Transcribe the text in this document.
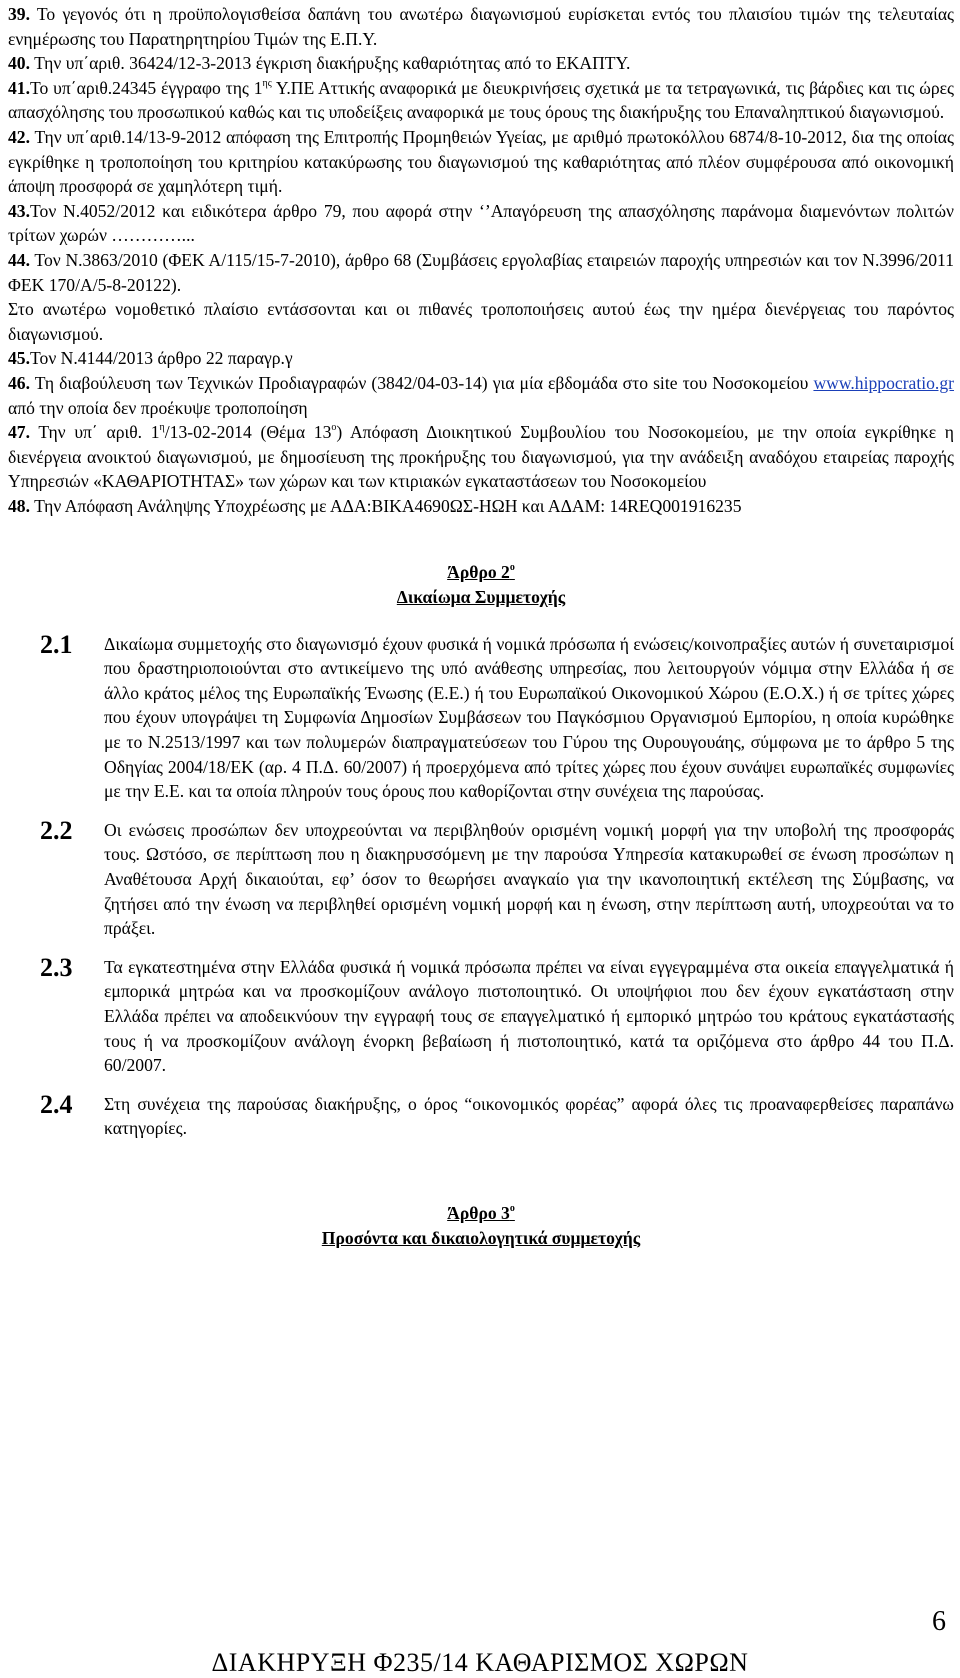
39. Το γεγονός ότι η προϋπολογισθείσα δαπάνη του ανωτέρω διαγωνισμού ευρίσκεται εντός του πλαισίου τιμών της τελευταίας ενημέρωσης του Παρατηρητηρίου Τιμών της Ε.Π.Υ.

40. Την υπ΄αριθ. 36424/12-3-2013 έγκριση διακήρυξης καθαριότητας από το ΕΚΑΠΤΥ.

41.Το υπ΄αριθ.24345 έγγραφο της $1^{\eta\varsigma}$ Υ.ΠΕ Αττικής αναφορικά με διευκρινήσεις σχετικά με τα τετραγωνικά, τις βάρδιες και τις ώρες απασχόλησης του προσωπικού καθώς και τις υποδείξεις αναφορικά με τους όρους της διακήρυξης του Επαναληπτικού διαγωνισμού.

42. Την υπ΄αριθ.14/13-9-2012 απόφαση της Επιτροπής Προμηθειών Υγείας, με αριθμό πρωτοκόλλου 6874/8-10-2012, δια της οποίας εγκρίθηκε η τροποποίηση του κριτηρίου κατακύρωσης του διαγωνισμού της καθαριότητας από πλέον συμφέρουσα από οικονομική άποψη προσφορά σε χαμηλότερη τιμή.

43.Τον Ν.4052/2012 και ειδικότερα άρθρο 79, που αφορά στην ‘’Απαγόρευση της απασχόλησης παράνομα διαμενόντων πολιτών τρίτων χωρών …………...

44. Τον Ν.3863/2010 (ΦΕΚ Α/115/15-7-2010), άρθρο 68 (Συμβάσεις εργολαβίας εταιρειών παροχής υπηρεσιών και τον Ν.3996/2011 ΦΕΚ 170/Α/5-8-20122).

Στο ανωτέρω νομοθετικό πλαίσιο εντάσσονται και οι πιθανές τροποποιήσεις αυτού έως την ημέρα διενέργειας του παρόντος διαγωνισμού.

45.Τον Ν.4144/2013 άρθρο 22 παραγρ.γ

46. Τη διαβούλευση των Τεχνικών Προδιαγραφών (3842/04-03-14) για μία εβδομάδα στο site του Νοσοκομείου www.hippocratio.gr από την οποία δεν προέκυψε τροποποίηση

47. Την υπ΄ αριθ. $1^\eta/13-02-2014$ (Θέμα $13^o$) Απόφαση Διοικητικού Συμβουλίου του Νοσοκομείου, με την οποία εγκρίθηκε η διενέργεια ανοικτού διαγωνισμού, με δημοσίευση της προκήρυξης του διαγωνισμού, για την ανάδειξη αναδόχου εταιρείας παροχής Υπηρεσιών «ΚΑΘΑΡΙΟΤΗΤΑΣ» των χώρων και των κτιριακών εγκαταστάσεων του Νοσοκομείου

48. Την Απόφαση Ανάληψης Υποχρέωσης με ΑΔΑ:ΒΙΚΑ4690ΩΣ-ΗΩΗ και ΑΔΑΜ: 14REQ001916235

Άρθρο $2^o$
Δικαίωμα Συμμετοχής
2.1	Δικαίωμα συμμετοχής στο διαγωνισμό έχουν φυσικά ή νομικά πρόσωπα ή ενώσεις/κοινοπραξίες αυτών ή συνεταιρισμοί που δραστηριοποιούνται στο αντικείμενο της υπό ανάθεσης υπηρεσίας, που λειτουργούν νόμιμα στην Ελλάδα ή σε άλλο κράτος μέλος της Ευρωπαϊκής Ένωσης (Ε.Ε.) ή του Ευρωπαϊκού Οικονομικού Χώρου (Ε.Ο.Χ.) ή σε τρίτες χώρες που έχουν υπογράψει τη Συμφωνία Δημοσίων Συμβάσεων του Παγκόσμιου Οργανισμού Εμπορίου, η οποία κυρώθηκε με το Ν.2513/1997 και των πολυμερών διαπραγματεύσεων του Γύρου της Ουρουγουάης, σύμφωνα με το άρθρο 5 της Οδηγίας 2004/18/ΕΚ (αρ. 4 Π.Δ. 60/2007) ή προερχόμενα από τρίτες χώρες που έχουν συνάψει ευρωπαϊκές συμφωνίες με την Ε.Ε. και τα οποία πληρούν τους όρους που καθορίζονται στην συνέχεια της παρούσας.
2.2	Οι ενώσεις προσώπων δεν υποχρεούνται να περιβληθούν ορισμένη νομική μορφή για την υποβολή της προσφοράς τους. Ωστόσο, σε περίπτωση που η διακηρυσσόμενη με την παρούσα Υπηρεσία κατακυρωθεί σε ένωση προσώπων η Αναθέτουσα Αρχή δικαιούται, εφ’ όσον το θεωρήσει αναγκαίο για την ικανοποιητική εκτέλεση της Σύμβασης, να ζητήσει από την ένωση να περιβληθεί ορισμένη νομική μορφή και η ένωση, στην περίπτωση αυτή, υποχρεούται να το πράξει.
2.3	Τα εγκατεστημένα στην Ελλάδα φυσικά ή νομικά πρόσωπα πρέπει να είναι εγγεγραμμένα στα οικεία επαγγελματικά ή εμπορικά μητρώα και να προσκομίζουν ανάλογο πιστοποιητικό. Οι υποψήφιοι που δεν έχουν εγκατάσταση στην Ελλάδα πρέπει να αποδεικνύουν την εγγραφή τους σε επαγγελματικό ή εμπορικό μητρώο του κράτους εγκατάστασής τους ή να προσκομίζουν ανάλογη ένορκη βεβαίωση ή πιστοποιητικό, κατά τα οριζόμενα στο άρθρο 44 του Π.Δ. 60/2007.
2.4	Στη συνέχεια της παρούσας διακήρυξης, ο όρος “οικονομικός φορέας” αφορά όλες τις προαναφερθείσες παραπάνω κατηγορίες.
Άρθρο $3^o$
Προσόντα και δικαιολογητικά συμμετοχής
6
ΔΙΑΚΗΡΥΞΗ Φ235/14 ΚΑΘΑΡΙΣΜΟΣ ΧΩΡΩΝ
